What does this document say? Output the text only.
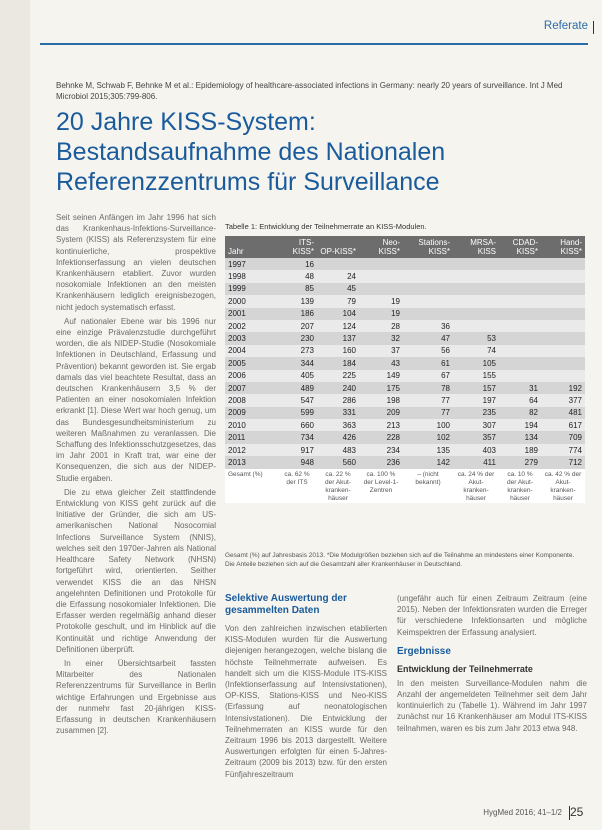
Referate

Behnke M, Schwab F, Behnke M et al.: Epidemiology of healthcare-associated infections in Germany: nearly 20 years of surveillance. Int J Med Microbiol 2015;305:799-806.

20 Jahre KISS-System:
Bestandsaufnahme des Nationalen
Referenzzentrums für Surveillance

Seit seinen Anfängen im Jahr 1996 hat sich das Krankenhaus-Infektions-Surveillance-System (KISS) als Referenzsystem für eine kontinuierliche, prospektive Infektionserfassung an vielen deutschen Krankenhäusern etabliert. Zuvor wurden nosokomiale Infektionen an den meisten Krankenhäusern lediglich ereignisbezogen, nicht jedoch systematisch erfasst.

Auf nationaler Ebene war bis 1996 nur eine einzige Prävalenzstudie durchgeführt worden, die als NIDEP-Studie (Nosokomiale Infektionen in Deutschland, Erfassung und Prävention) bekannt geworden ist. Sie ergab damals das viel beachtete Resultat, dass an deutschen Krankenhäusern 3,5 % der Patienten an einer nosokomialen Infektion erkrankt [1]. Diese Wert war hoch genug, um das Bundesgesundheitsministerium zu weiteren Maßnahmen zu veranlassen. Die Schaffung des Infektionsschutzgesetzes, das im Jahr 2001 in Kraft trat, war eine der Konsequenzen, die sich aus der NIDEP-Studie ergaben.

Die zu etwa gleicher Zeit stattfindende Entwicklung von KISS geht zurück auf die Initiative der Gründer, die sich am US-amerikanischen National Nosocomial Infections Surveillance System (NNIS), welches seit den 1970er-Jahren als National Healthcare Safety Network (NHSN) fortgeführt wird, orientierten. Seither verwendet KISS die an das NHSN angelehnten Definitionen und Protokolle für die Erfassung nosokomialer Infektionen. Die Erfasser werden regelmäßig anhand dieser Protokolle geschult, und im Hinblick auf die Kontinuität und richtige Anwendung der Definitionen überprüft.

In einer Übersichtsarbeit fassten Mitarbeiter des Nationalen Referenzzentrums für Surveillance in Berlin wichtige Erfahrungen und Ergebnisse aus der nunmehr fast 20-jährigen KISS-Erfassung in deutschen Krankenhäusern zusammen [2].

Tabelle 1: Entwicklung der Teilnehmerrate an KISS-Modulen.
Jahr	ITS-KISS*	OP-KISS*	Neo-KISS*	Stations-KISS*	MRSA-KISS	CDAD-KISS*	Hand-KISS*
1997	16						
1998	48	24					
1999	85	45					
2000	139	79	19				
2001	186	104	19				
2002	207	124	28	36			
2003	230	137	32	47	53		
2004	273	160	37	56	74		
2005	344	184	43	61	105		
2006	405	225	149	67	155		
2007	489	240	175	78	157	31	192
2008	547	286	198	77	197	64	377
2009	599	331	209	77	235	82	481
2010	660	363	213	100	307	194	617
2011	734	426	228	102	357	134	709
2012	917	483	234	135	403	189	774
2013	948	560	236	142	411	279	712
Gesamt (%)	ca. 62 % der ITS	ca. 22 % der Akut-kranken-häuser	ca. 100 % der Level-1-Zentren	– (nicht bekannt)	ca. 24 % der Akut-kranken-häuser	ca. 10 % der Akut-kranken-häuser	ca. 42 % der Akut-kranken-häuser

Gesamt (%) auf Jahresbasis 2013. *Die Modulgrößen beziehen sich auf die Teilnahme an mindestens einer Komponente. Die Anteile beziehen sich auf die Gesamtzahl aller Krankenhäuser in Deutschland.

Selektive Auswertung der gesammelten Daten

Von den zahlreichen inzwischen etablierten KISS-Modulen wurden für die Auswertung diejenigen herangezogen, welche bislang die höchste Teilnehmerrate aufweisen. Es handelt sich um die KISS-Module ITS-KISS (Infektionserfassung auf Intensivstationen), OP-KISS, Stations-KISS und Neo-KISS (Erfassung auf neonatologischen Intensivstationen). Die Entwicklung der Teilnehmerraten an KISS wurde für den Zeitraum 1996 bis 2013 dargestellt. Weitere Auswertungen erfolgten für einen 5-Jahres-Zeitraum (2009 bis 2013) bzw. für den ersten Fünfjahreszeitraum

(ungefähr auch für einen Zeitraum Zeitraum (eine 2015). Neben der Infektionsraten wurden die Erreger für verschiedene Infektionsarten und mögliche Keimspektren der Erfassung analysiert.

Ergebnisse
Entwicklung der Teilnehmerrate

In den meisten Surveillance-Modulen nahm die Anzahl der angemeldeten Teilnehmer seit dem Jahr kontinuierlich zu (Tabelle 1). Während im Jahr 1997 zunächst nur 16 Krankenhäuser am Modul ITS-KISS teilnahmen, waren es bis zum Jahr 2013 etwa 948.

HygMed 2016; 41–1/2 25
